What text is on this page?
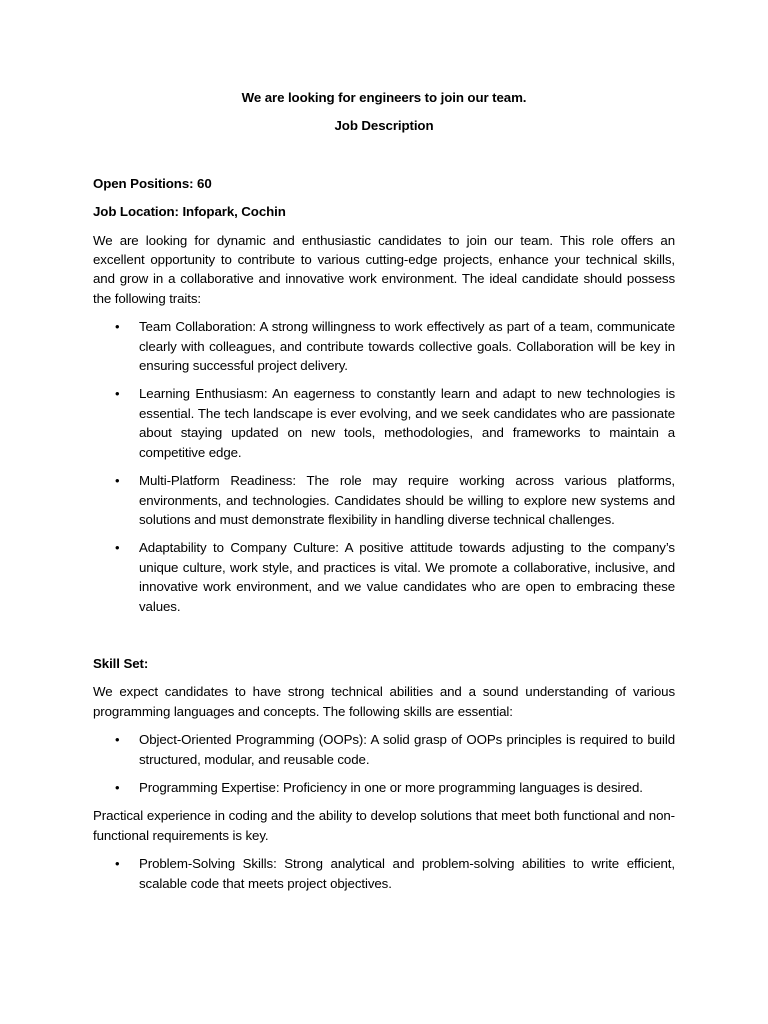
We are looking for engineers to join our team.

Job Description

Open Positions: 60

Job Location: Infopark, Cochin

We are looking for dynamic and enthusiastic candidates to join our team. This role offers an excellent opportunity to contribute to various cutting-edge projects, enhance your technical skills, and grow in a collaborative and innovative work environment. The ideal candidate should possess the following traits:

• Team Collaboration: A strong willingness to work effectively as part of a team, communicate clearly with colleagues, and contribute towards collective goals. Collaboration will be key in ensuring successful project delivery.
• Learning Enthusiasm: An eagerness to constantly learn and adapt to new technologies is essential. The tech landscape is ever evolving, and we seek candidates who are passionate about staying updated on new tools, methodologies, and frameworks to maintain a competitive edge.
• Multi-Platform Readiness: The role may require working across various platforms, environments, and technologies. Candidates should be willing to explore new systems and solutions and must demonstrate flexibility in handling diverse technical challenges.
• Adaptability to Company Culture: A positive attitude towards adjusting to the company’s unique culture, work style, and practices is vital. We promote a collaborative, inclusive, and innovative work environment, and we value candidates who are open to embracing these values.

Skill Set:

We expect candidates to have strong technical abilities and a sound understanding of various programming languages and concepts. The following skills are essential:

• Object-Oriented Programming (OOPs): A solid grasp of OOPs principles is required to build structured, modular, and reusable code.
• Programming Expertise: Proficiency in one or more programming languages is desired.

Practical experience in coding and the ability to develop solutions that meet both functional and non-functional requirements is key.

• Problem-Solving Skills: Strong analytical and problem-solving abilities to write efficient, scalable code that meets project objectives.
